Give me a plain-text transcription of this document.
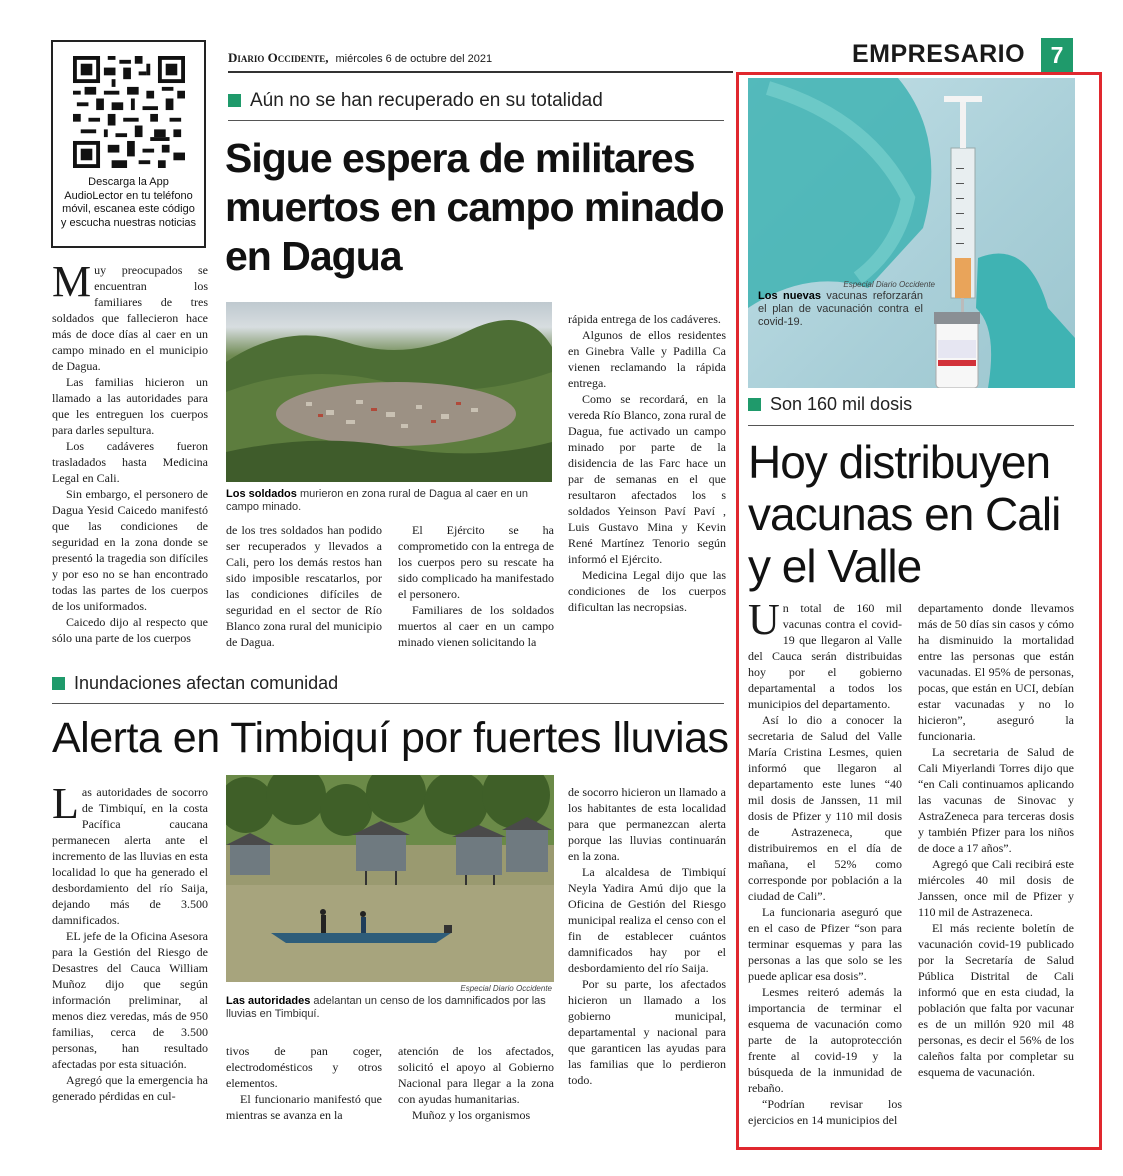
Diario Occidente, miércoles 6 de octubre del 2021	EMPRESARIO	7
Descarga la App AudioLector en tu teléfono móvil, escanea este código y escucha nuestras noticias
Aún no se han recuperado en su totalidad
Sigue espera de militares muertos en campo minado en Dagua
Los soldados murieron en zona rural de Dagua al caer en un campo minado.
M uy preocupados se encuentran los familiares de tres soldados que fallecieron hace más de doce días al caer en un campo minado en el municipio de Dagua.

Las familias hicieron un llamado a las autoridades para que les entreguen los cuerpos para darles sepultura.

Los cadáveres fueron trasladados hasta Medicina Legal en Cali.

Sin embargo, el personero de Dagua Yesid Caicedo manifestó que las condiciones de seguridad en la zona donde se presentó la tragedia son difíciles y por eso no se han encontrado todas las partes de los cuerpos de los uniformados.

Caicedo dijo al respecto que sólo una parte de los cuerpos

de los tres soldados han podido ser recuperados y llevados a Cali, pero los demás restos han sido imposible rescatarlos, por las condiciones difíciles de seguridad en el sector de Río Blanco zona rural del municipio de Dagua.

El Ejército se ha comprometido con la entrega de los cuerpos pero su rescate ha sido complicado ha manifestado el personero.

Familiares de los soldados muertos al caer en un campo minado vienen solicitando la

rápida entrega de los cadáveres.

Algunos de ellos residentes en Ginebra Valle y Padilla Ca vienen reclamando la rápida entrega.

Como se recordará, en la vereda Río Blanco, zona rural de Dagua, fue activado un campo minado por parte de la disidencia de las Farc hace un par de semanas en el que resultaron afectados los s soldados Yeinson Paví Paví , Luis Gustavo Mina y Kevin René Martínez Tenorio según informó el Ejército.

Medicina Legal dijo que las condiciones de los cuerpos dificultan las necropsias.

Inundaciones afectan comunidad
Alerta en Timbiquí por fuertes lluvias
Especial Diario Occidente
Las autoridades adelantan un censo de los damnificados por las lluvias en Timbiquí.
L as autoridades de socorro de Timbiquí, en la costa Pacífica caucana permanecen alerta ante el incremento de las lluvias en esta localidad lo que ha generado el desbordamiento del río Saija, dejando más de 3.500 damnificados.

EL jefe de la Oficina Asesora para la Gestión del Riesgo de Desastres del Cauca William Muñoz dijo que según información preliminar, al menos diez veredas, más de 950 familias, cerca de 3.500 personas, han resultado afectadas por esta situación.

Agregó que la emergencia ha generado pérdidas en cul-

tivos de pan coger, electrodomésticos y otros elementos.

El funcionario manifestó que mientras se avanza en la

atención de los afectados, solicitó el apoyo al Gobierno Nacional para llegar a la zona con ayudas humanitarias.

Muñoz y los organismos

de socorro hicieron un llamado a los habitantes de esta localidad para que permanezcan alerta porque las lluvias continuarán en la zona.

La alcaldesa de Timbiquí Neyla Yadira Amú dijo que la Oficina de Gestión del Riesgo municipal realiza el censo con el fin de establecer cuántos damnificados hay por el desbordamiento del río Saija.

Por su parte, los afectados hicieron un llamado a los gobierno municipal, departamental y nacional para que garanticen las ayudas para las familias que lo perdieron todo.

Especial Diario Occidente
Los nuevas vacunas reforzarán el plan de vacunación contra el covid-19.
Son 160 mil dosis
Hoy distribuyen vacunas en Cali y el Valle
U n total de 160 mil vacunas contra el covid-19 que llegaron al Valle del Cauca serán distribuidas hoy por el gobierno departamental a todos los municipios del departamento.

Así lo dio a conocer la secretaria de Salud del Valle María Cristina Lesmes, quien informó que llegaron al departamento este lunes “40 mil dosis de Janssen, 11 mil dosis de Pfizer y 110 mil dosis de Astrazeneca, que distribuiremos en el día de mañana, el 52% como corresponde por población a la ciudad de Cali”.

La funcionaria aseguró que en el caso de Pfizer “son para terminar esquemas y para las personas a las que solo se les puede aplicar esa dosis”.

Lesmes reiteró además la importancia de terminar el esquema de vacunación como parte de la autoprotección frente al covid-19 y la búsqueda de la inmunidad de rebaño.

“Podrían revisar los ejercicios en 14 municipios del

departamento donde llevamos más de 50 días sin casos y cómo ha disminuido la mortalidad entre las personas que están vacunadas. El 95% de personas, pocas, que están en UCI, debían estar vacunadas y no lo hicieron”, aseguró la funcionaria.

La secretaria de Salud de Cali Miyerlandi Torres dijo que “en Cali continuamos aplicando las vacunas de Sinovac y AstraZeneca para terceras dosis y también Pfizer para los niños de doce a 17 años”.

Agregó que Cali recibirá este miércoles 40 mil dosis de Janssen, once mil de Pfizer y 110 mil de Astrazeneca.

El más reciente boletín de vacunación covid-19 publicado por la Secretaría de Salud Pública Distrital de Cali informó que en esta ciudad, la población que falta por vacunar es de un millón 920 mil 48 personas, es decir el 56% de los caleños falta por completar su esquema de vacunación.
